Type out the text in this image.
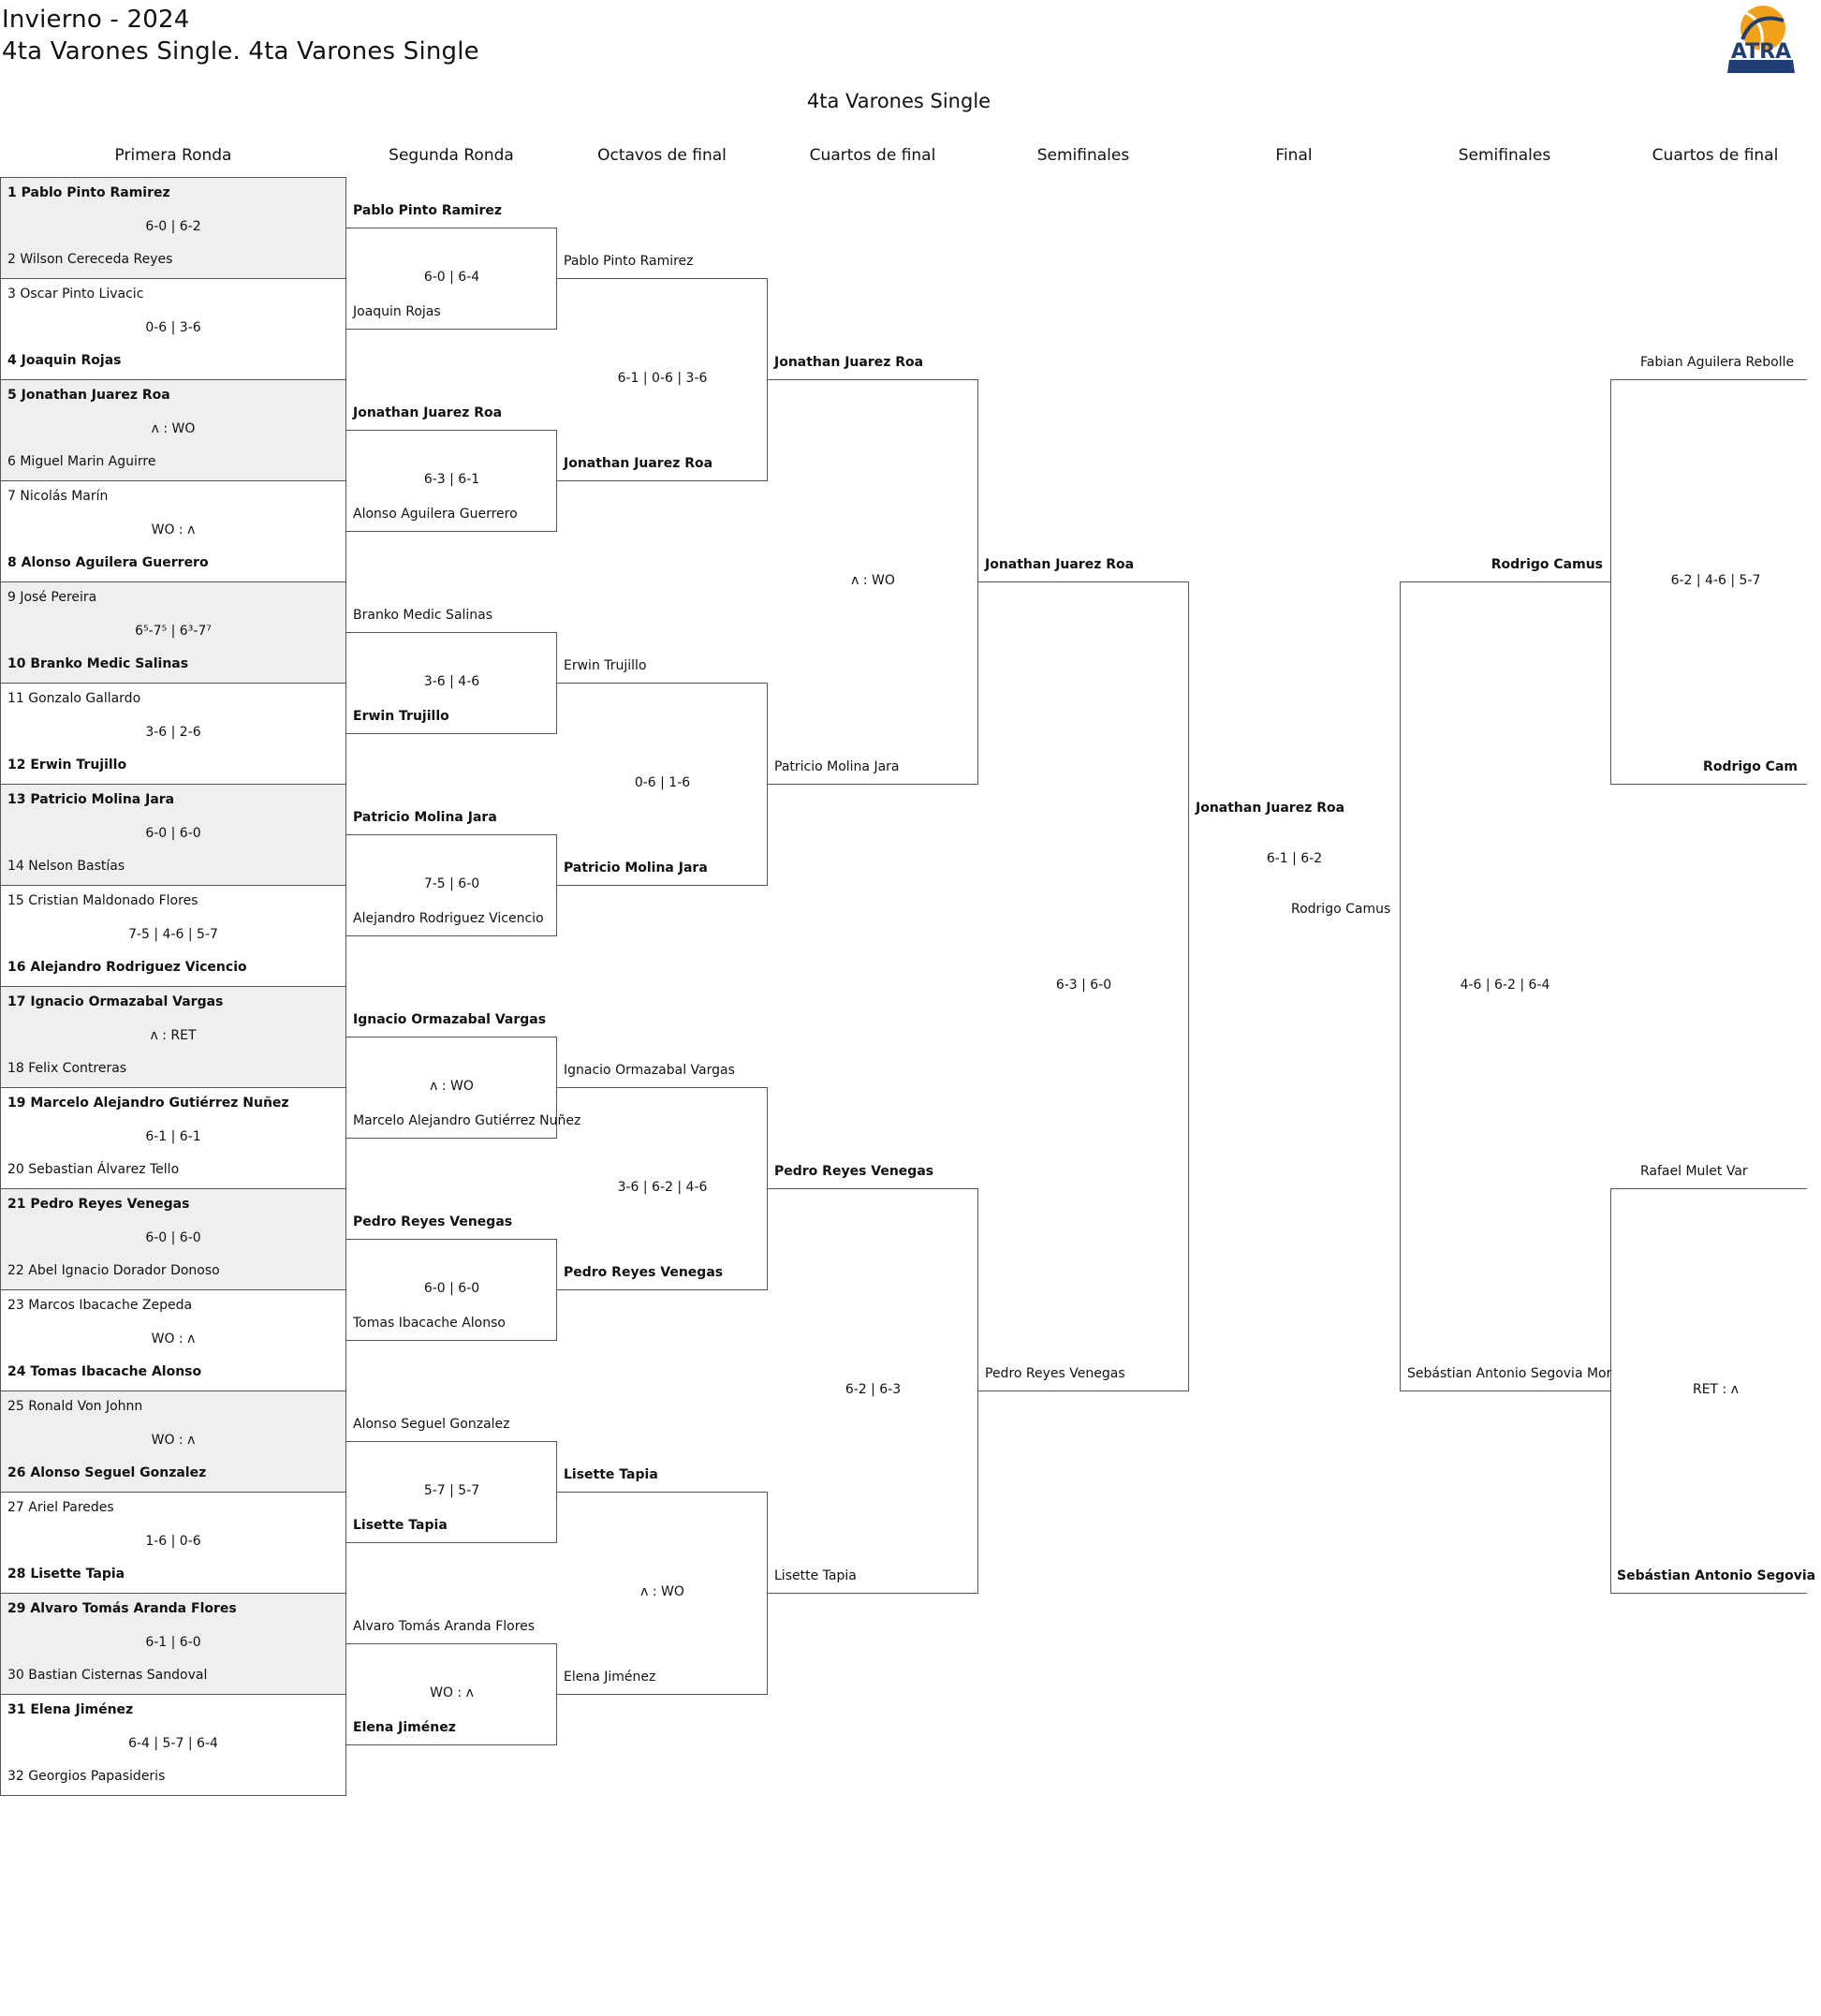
Invierno - 2024
4ta Varones Single. 4ta Varones Single
4ta Varones Single
ATRA
Primera Ronda	Segunda Ronda	Octavos de final	Cuartos de final	Semifinales	Final	Semifinales	Cuartos de final
1 Pablo Pinto Ramirez
6-0 | 6-2
2 Wilson Cereceda Reyes
3 Oscar Pinto Livacic
0-6 | 3-6
4 Joaquin Rojas
5 Jonathan Juarez Roa
ʌ : WO
6 Miguel Marin Aguirre
7 Nicolás Marín
WO : ʌ
8 Alonso Aguilera Guerrero
9 José Pereira
6⁵-7⁵ | 6³-7⁷
10 Branko Medic Salinas
11 Gonzalo Gallardo
3-6 | 2-6
12 Erwin Trujillo
13 Patricio Molina Jara
6-0 | 6-0
14 Nelson Bastías
15 Cristian Maldonado Flores
7-5 | 4-6 | 5-7
16 Alejandro Rodriguez Vicencio
17 Ignacio Ormazabal Vargas
ʌ : RET
18 Felix Contreras
19 Marcelo Alejandro Gutiérrez Nuñez
6-1 | 6-1
20 Sebastian Álvarez Tello
21 Pedro Reyes Venegas
6-0 | 6-0
22 Abel Ignacio Dorador Donoso
23 Marcos Ibacache Zepeda
WO : ʌ
24 Tomas Ibacache Alonso
25 Ronald Von Johnn
WO : ʌ
26 Alonso Seguel Gonzalez
27 Ariel Paredes
1-6 | 0-6
28 Lisette Tapia
29 Alvaro Tomás Aranda Flores
6-1 | 6-0
30 Bastian Cisternas Sandoval
31 Elena Jiménez
6-4 | 5-7 | 6-4
32 Georgios Papasideris
Pablo Pinto Ramirez
6-0 | 6-4
Joaquin Rojas
Jonathan Juarez Roa
6-3 | 6-1
Alonso Aguilera Guerrero
Branko Medic Salinas
3-6 | 4-6
Erwin Trujillo
Patricio Molina Jara
7-5 | 6-0
Alejandro Rodriguez Vicencio
Ignacio Ormazabal Vargas
ʌ : WO
Marcelo Alejandro Gutiérrez Nuñez
Pedro Reyes Venegas
6-0 | 6-0
Tomas Ibacache Alonso
Alonso Seguel Gonzalez
5-7 | 5-7
Lisette Tapia
Alvaro Tomás Aranda Flores
WO : ʌ
Elena Jiménez
Pablo Pinto Ramirez
6-1 | 0-6 | 3-6
Jonathan Juarez Roa
Erwin Trujillo
0-6 | 1-6
Patricio Molina Jara
Ignacio Ormazabal Vargas
3-6 | 6-2 | 4-6
Pedro Reyes Venegas
Lisette Tapia
ʌ : WO
Elena Jiménez
Jonathan Juarez Roa
ʌ : WO
Patricio Molina Jara
Pedro Reyes Venegas
6-2 | 6-3
Lisette Tapia
Jonathan Juarez Roa
6-3 | 6-0
Pedro Reyes Venegas
Jonathan Juarez Roa
6-1 | 6-2
Rodrigo Camus
Rodrigo Camus
4-6 | 6-2 | 6-4
Sebástian Antonio Segovia Mor
Fabian Aguilera Rebolle
6-2 | 4-6 | 5-7
Rodrigo Cam
Rafael Mulet Var
RET : ʌ
Sebástian Antonio Segovia
